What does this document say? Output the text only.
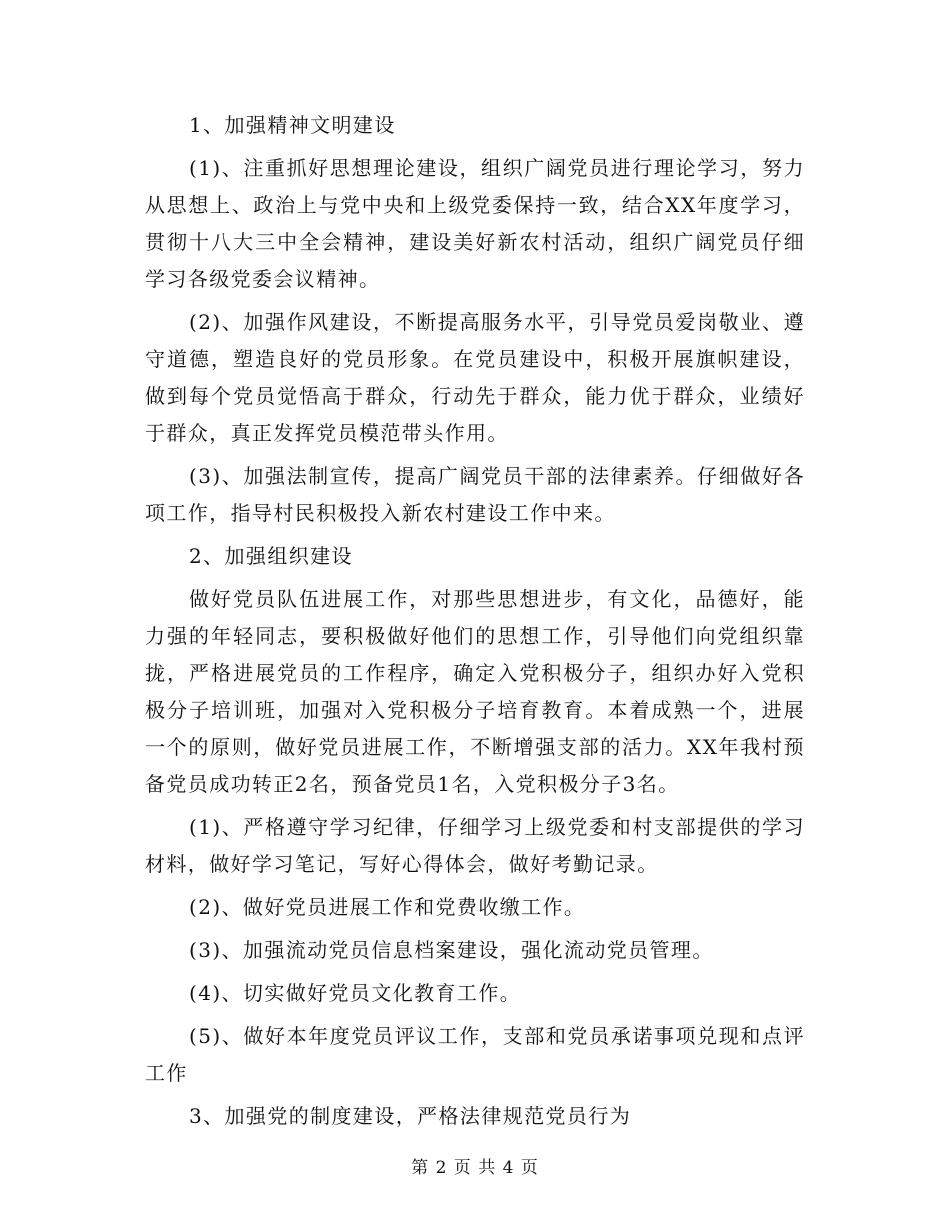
1、加强精神文明建设

(1)、注重抓好思想理论建设，组织广阔党员进行理论学习，努力从思想上、政治上与党中央和上级党委保持一致，结合XX年度学习，贯彻十八大三中全会精神，建设美好新农村活动，组织广阔党员仔细学习各级党委会议精神。

(2)、加强作风建设，不断提高服务水平，引导党员爱岗敬业、遵守道德，塑造良好的党员形象。在党员建设中，积极开展旗帜建设，做到每个党员觉悟高于群众，行动先于群众，能力优于群众，业绩好于群众，真正发挥党员模范带头作用。

(3)、加强法制宣传，提高广阔党员干部的法律素养。仔细做好各项工作，指导村民积极投入新农村建设工作中来。

2、加强组织建设

做好党员队伍进展工作，对那些思想进步，有文化，品德好，能力强的年轻同志，要积极做好他们的思想工作，引导他们向党组织靠拢，严格进展党员的工作程序，确定入党积极分子，组织办好入党积极分子培训班，加强对入党积极分子培育教育。本着成熟一个，进展一个的原则，做好党员进展工作，不断增强支部的活力。XX年我村预备党员成功转正2名，预备党员1名，入党积极分子3名。

(1)、严格遵守学习纪律，仔细学习上级党委和村支部提供的学习材料，做好学习笔记，写好心得体会，做好考勤记录。

(2)、做好党员进展工作和党费收缴工作。

(3)、加强流动党员信息档案建设，强化流动党员管理。

(4)、切实做好党员文化教育工作。

(5)、做好本年度党员评议工作，支部和党员承诺事项兑现和点评工作

3、加强党的制度建设，严格法律规范党员行为

第 2 页 共 4 页
